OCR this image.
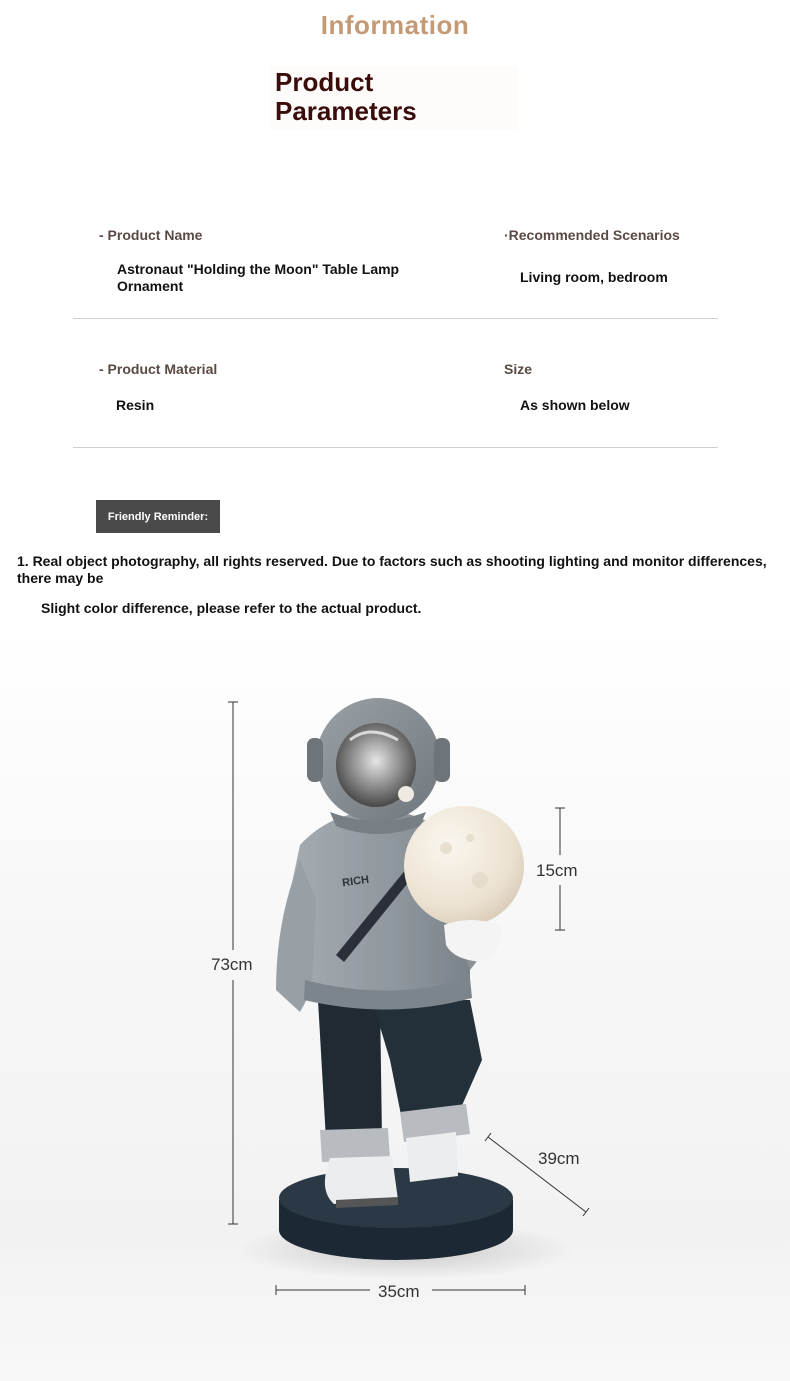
Information
Product
Parameters
- Product Name
Astronaut "Holding the Moon" Table Lamp Ornament
·Recommended Scenarios
Living room, bedroom
- Product Material
Resin
Size
As shown below
Friendly Reminder:
1. Real object photography, all rights reserved. Due to factors such as shooting lighting and monitor differences, there may be
Slight color difference, please refer to the actual product.
RICH
73cm
15cm
39cm
35cm
